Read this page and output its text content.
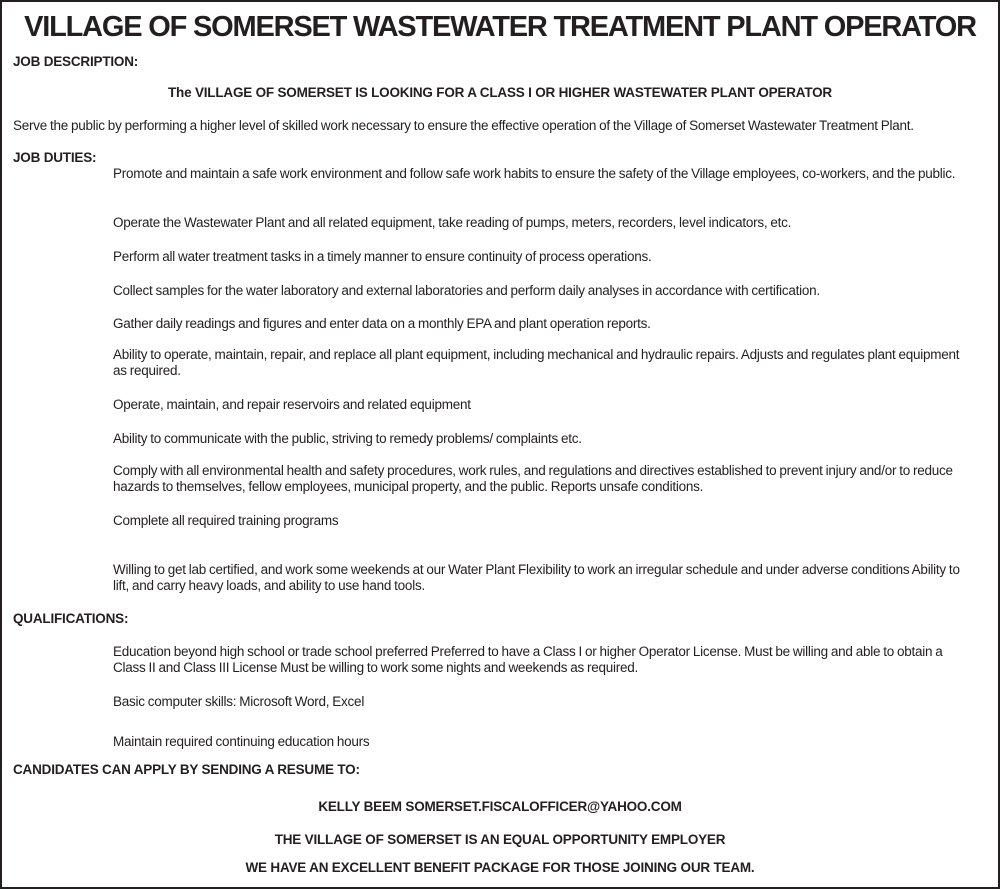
VILLAGE OF SOMERSET WASTEWATER TREATMENT PLANT OPERATOR
JOB DESCRIPTION:
The VILLAGE OF SOMERSET IS LOOKING FOR A CLASS I OR HIGHER WASTEWATER PLANT OPERATOR
Serve the public by performing a higher level of skilled work necessary to ensure the effective operation of the Village of Somerset Wastewater Treatment Plant.
JOB DUTIES:
Promote and maintain a safe work environment and follow safe work habits to ensure the safety of the Village employees, co-workers, and the public.
Operate the Wastewater Plant and all related equipment, take reading of pumps, meters, recorders, level indicators, etc.
Perform all water treatment tasks in a timely manner to ensure continuity of process operations.
Collect samples for the water laboratory and external laboratories and perform daily analyses in accordance with certification.
Gather daily readings and figures and enter data on a monthly EPA and plant operation reports.
Ability to operate, maintain, repair, and replace all plant equipment, including mechanical and hydraulic repairs. Adjusts and regulates plant equipment as required.
Operate, maintain, and repair reservoirs and related equipment
Ability to communicate with the public, striving to remedy problems/ complaints etc.
Comply with all environmental health and safety procedures, work rules, and regulations and directives established to prevent injury and/or to reduce hazards to themselves, fellow employees, municipal property, and the public. Reports unsafe conditions.
Complete all required training programs
Willing to get lab certified, and work some weekends at our Water Plant Flexibility to work an irregular schedule and under adverse conditions Ability to lift, and carry heavy loads, and ability to use hand tools.
QUALIFICATIONS:
Education beyond high school or trade school preferred Preferred to have a Class I or higher Operator License. Must be willing and able to obtain a Class II and Class III License Must be willing to work some nights and weekends as required.
Basic computer skills: Microsoft Word, Excel
Maintain required continuing education hours
CANDIDATES CAN APPLY BY SENDING A RESUME TO:
KELLY BEEM SOMERSET.FISCALOFFICER@YAHOO.COM
THE VILLAGE OF SOMERSET IS AN EQUAL OPPORTUNITY EMPLOYER
WE HAVE AN EXCELLENT BENEFIT PACKAGE FOR THOSE JOINING OUR TEAM.
